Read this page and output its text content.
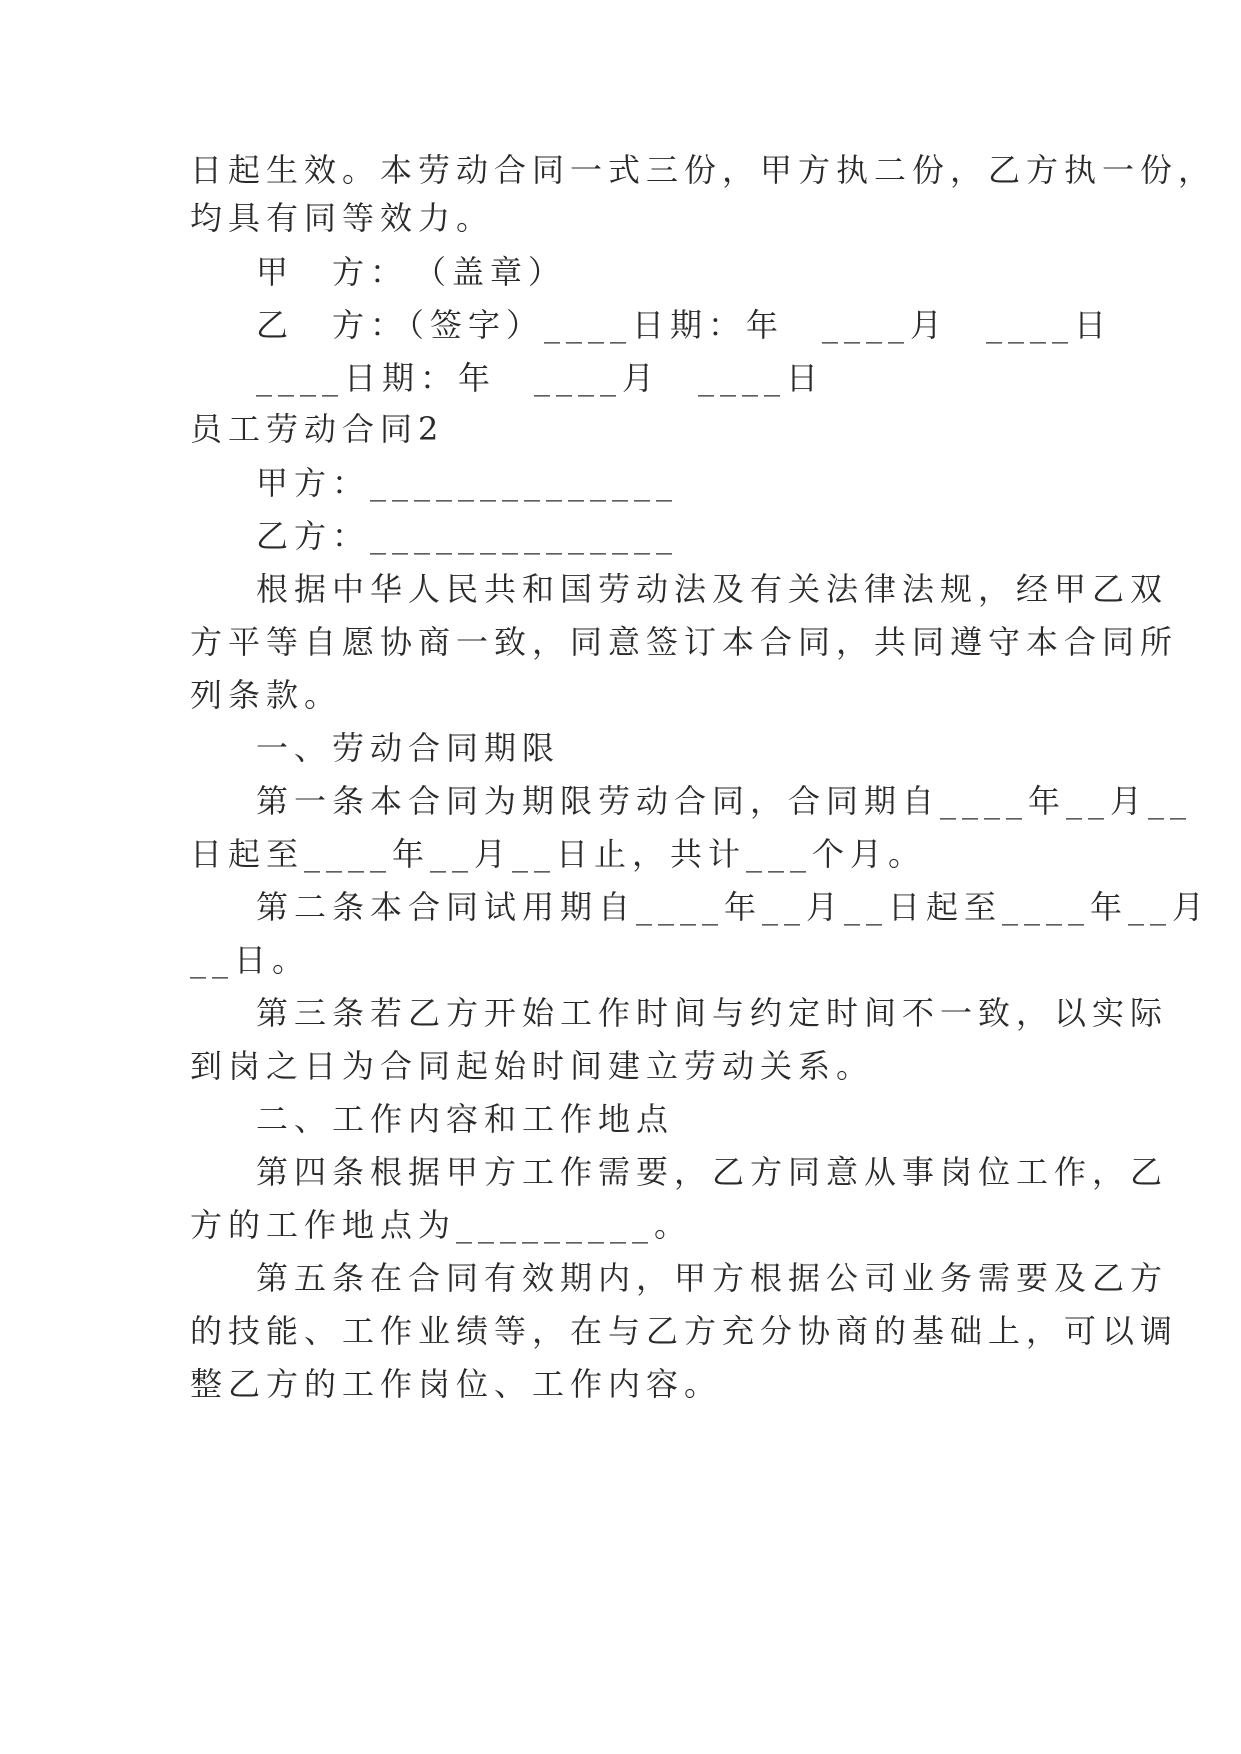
日起生效。本劳动合同一式三份，甲方执二份，乙方执一份，
均具有同等效力。
甲　方：　（盖章）
乙　方：（签字）____日期：年　____月　____日
____日期：年　____月　____日
员工劳动合同2
甲方：______________
乙方：______________
根据中华人民共和国劳动法及有关法律法规，经甲乙双
方平等自愿协商一致，同意签订本合同，共同遵守本合同所
列条款。
一、劳动合同期限
第一条本合同为期限劳动合同，合同期自____年__月__
日起至____年__月__日止，共计___个月。
第二条本合同试用期自____年__月__日起至____年__月
__日。
第三条若乙方开始工作时间与约定时间不一致，以实际
到岗之日为合同起始时间建立劳动关系。
二、工作内容和工作地点
第四条根据甲方工作需要，乙方同意从事岗位工作，乙
方的工作地点为_________。
第五条在合同有效期内，甲方根据公司业务需要及乙方
的技能、工作业绩等，在与乙方充分协商的基础上，可以调
整乙方的工作岗位、工作内容。
